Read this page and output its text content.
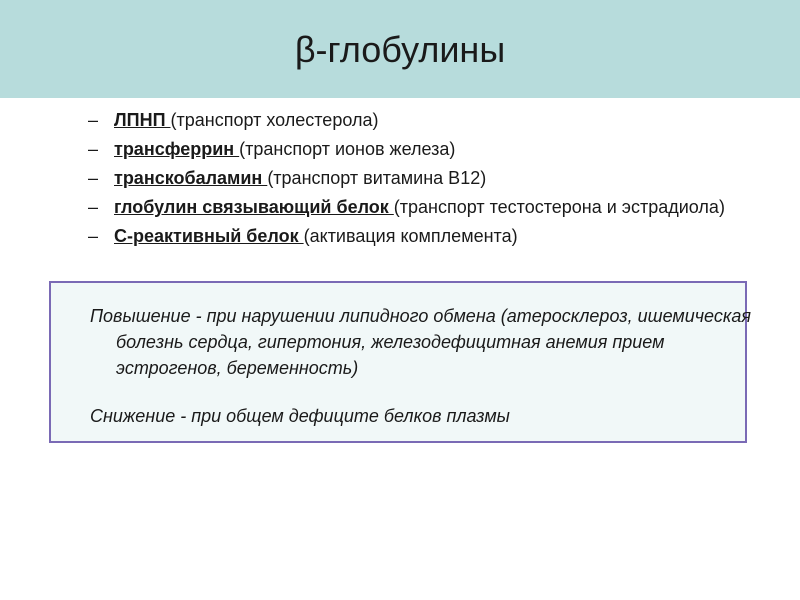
β-глобулины
– ЛПНП (транспорт холестерола)
– трансферрин (транспорт ионов железа)
– транскобаламин (транспорт витамина В12)
– глобулин связывающий белок (транспорт тестостерона и эстрадиола)
– С-реактивный белок (активация комплемента)
Повышение - при нарушении липидного обмена (атеросклероз, ишемическая болезнь сердца, гипертония, железодефицитная анемия прием эстрогенов, беременность)
Снижение - при общем дефиците белков плазмы
